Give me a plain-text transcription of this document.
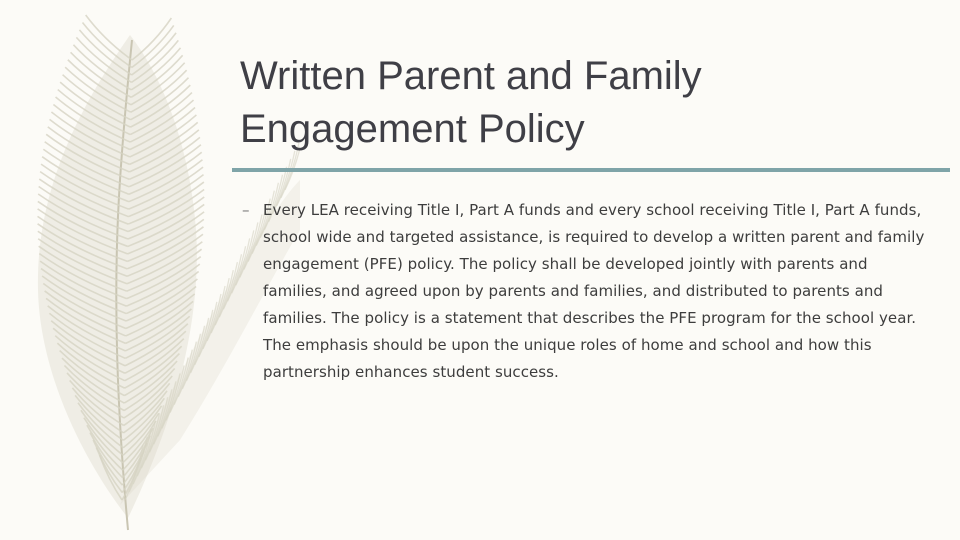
Written Parent and Family
Engagement Policy
– Every LEA receiving Title I, Part A funds and every school receiving Title I, Part A funds, school wide and targeted assistance, is required to develop a written parent and family engagement (PFE) policy. The policy shall be developed jointly with parents and families, and agreed upon by parents and families, and distributed to parents and families. The policy is a statement that describes the PFE program for the school year. The emphasis should be upon the unique roles of home and school and how this partnership enhances student success.
